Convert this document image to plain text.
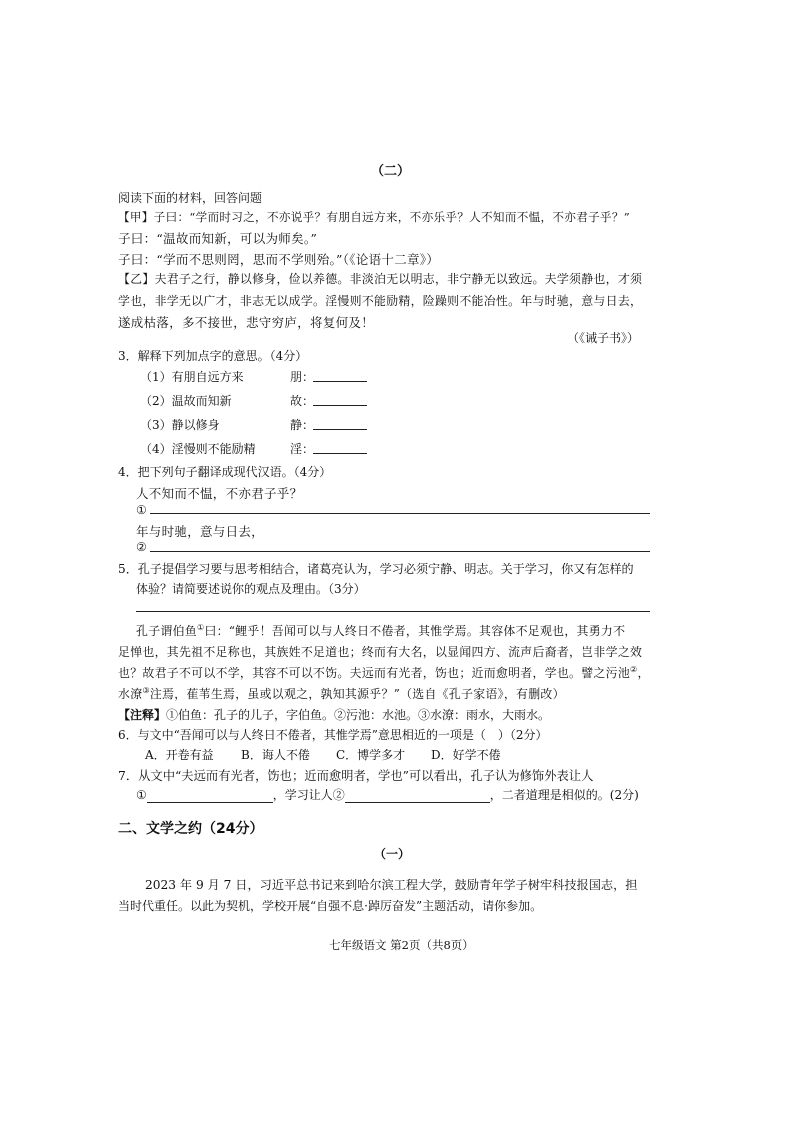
（二）
阅读下面的材料，回答问题
【甲】子曰：“学而时习之，不亦说乎？有朋自远方来，不亦乐乎？人不知而不愠，不亦君子乎？”
子曰：“温故而知新，可以为师矣。”
子曰：“学而不思则罔，思而不学则殆。”（《论语十二章》）
【乙】夫君子之行，静以修身，俭以养德。非淡泊无以明志，非宁静无以致远。夫学须静也，才须
学也，非学无以广才，非志无以成学。淫慢则不能励精，险躁则不能冶性。年与时驰，意与日去，
遂成枯落，多不接世，悲守穷庐，将复何及！
（《诫子书》）
3．解释下列加点字的意思。（4分）
（1）有朋自远方来	朋：
（2）温故而知新	故：
（3）静以修身	静：
（4）淫慢则不能励精	淫：
4．把下列句子翻译成现代汉语。（4分）
人不知而不愠，不亦君子乎？
①
年与时驰，意与日去，
②
5．孔子提倡学习要与思考相结合，诸葛亮认为，学习必须宁静、明志。关于学习，你又有怎样的
体验？请简要述说你的观点及理由。（3分）
孔子谓伯鱼①曰：“鲤乎！吾闻可以与人终日不倦者，其惟学焉。其容体不足观也，其勇力不
足惮也，其先祖不足称也，其族姓不足道也；终而有大名，以显闻四方、流声后裔者，岂非学之效
也？故君子不可以不学，其容不可以不饬。夫远而有光者，饬也；近而愈明者，学也。譬之污池②，
水潦③注焉，萑苇生焉，虽或以观之，孰知其源乎？”（选自《孔子家语》，有删改）
【注释】①伯鱼：孔子的儿子，字伯鱼。②污池：水池。③水潦：雨水，大雨水。
6．与文中“吾闻可以与人终日不倦者，其惟学焉”意思相近的一项是（　）（2分）
A．开卷有益 B．诲人不倦 C．博学多才 D．好学不倦
7．从文中“夫远而有光者，饬也；近而愈明者，学也”可以看出，孔子认为修饰外表让人
①	，学习让人②	，二者道理是相似的。(2分)
二、文学之约（24分）
（一）
2023 年 9 月 7 日，习近平总书记来到哈尔滨工程大学，鼓励青年学子树牢科技报国志，担
当时代重任。以此为契机，学校开展“自强不息·踔厉奋发”主题活动，请你参加。
七年级语文 第2页（共8页）
